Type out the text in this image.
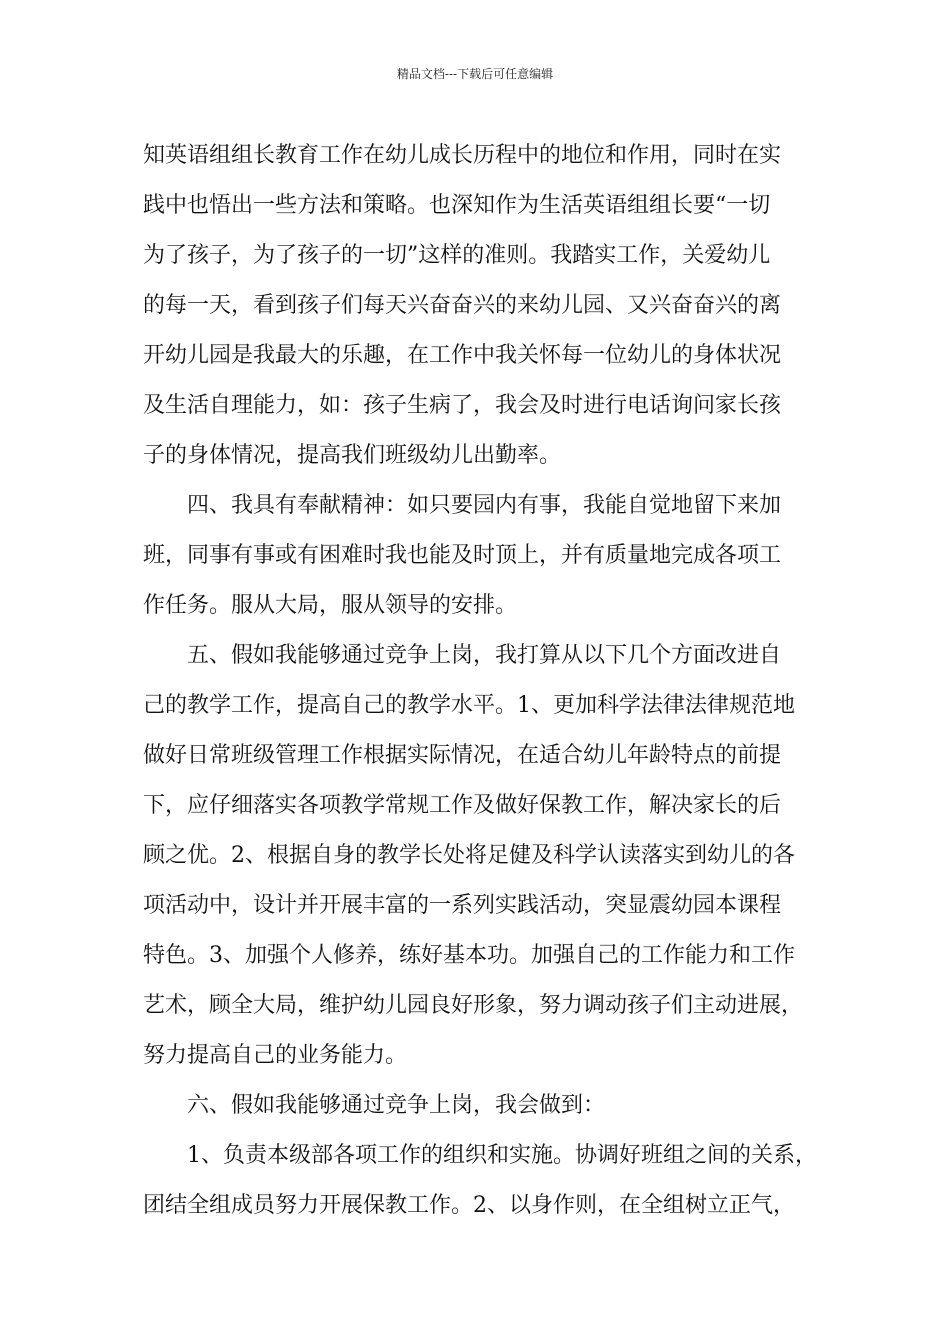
精品文档---下载后可任意编辑
知英语组组长教育工作在幼儿成长历程中的地位和作用，同时在实
践中也悟出一些方法和策略。也深知作为生活英语组组长要“一切
为了孩子，为了孩子的一切”这样的准则。我踏实工作，关爱幼儿
的每一天，看到孩子们每天兴奋奋兴的来幼儿园、又兴奋奋兴的离
开幼儿园是我最大的乐趣，在工作中我关怀每一位幼儿的身体状况
及生活自理能力，如：孩子生病了，我会及时进行电话询问家长孩
子的身体情况，提高我们班级幼儿出勤率。
　　四、我具有奉献精神：如只要园内有事，我能自觉地留下来加
班，同事有事或有困难时我也能及时顶上，并有质量地完成各项工
作任务。服从大局，服从领导的安排。
　　五、假如我能够通过竞争上岗，我打算从以下几个方面改进自
己的教学工作，提高自己的教学水平。1、更加科学法律法律规范地
做好日常班级管理工作根据实际情况，在适合幼儿年龄特点的前提
下，应仔细落实各项教学常规工作及做好保教工作，解决家长的后
顾之优。2、根据自身的教学长处将足健及科学认读落实到幼儿的各
项活动中，设计并开展丰富的一系列实践活动，突显震幼园本课程
特色。3、加强个人修养，练好基本功。加强自己的工作能力和工作
艺术，顾全大局，维护幼儿园良好形象，努力调动孩子们主动进展，
努力提高自己的业务能力。
　　六、假如我能够通过竞争上岗，我会做到：
　　1、负责本级部各项工作的组织和实施。协调好班组之间的关系，
团结全组成员努力开展保教工作。2、以身作则，在全组树立正气，
